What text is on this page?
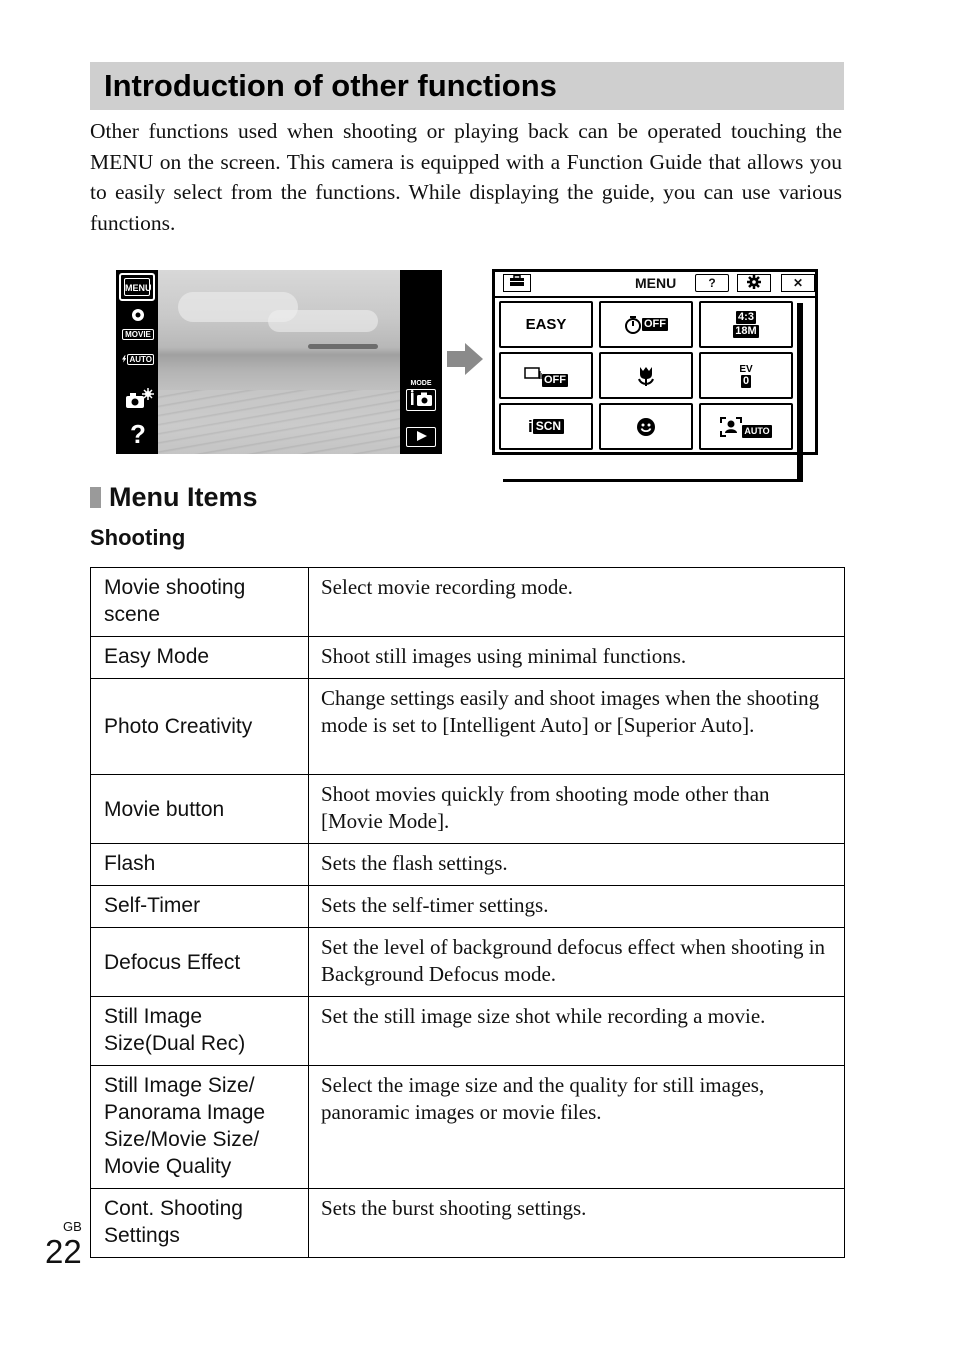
Introduction of other functions

Other functions used when shooting or playing back can be operated touching the MENU on the screen. This camera is equipped with a Function Guide that allows you to easily select from the functions. While displaying the guide, you can use various functions.

MENU
MOVIE
AUTO
?
MODE
MENU	?	✕
EASY	OFF
4:3
18M
OFF
EV
0
i SCN	AUTO
Menu Items
Shooting
Movie shooting scene	Select movie recording mode.
Easy Mode	Shoot still images using minimal functions.
Photo Creativity	Change settings easily and shoot images when the shooting mode is set to [Intelligent Auto] or [Superior Auto].
Movie button	Shoot movies quickly from shooting mode other than [Movie Mode].
Flash	Sets the flash settings.
Self-Timer	Sets the self-timer settings.
Defocus Effect	Set the level of background defocus effect when shooting in Background Defocus mode.
Still Image Size(Dual Rec)	Set the still image size shot while recording a movie.
Still Image Size/ Panorama Image Size/Movie Size/ Movie Quality	Select the image size and the quality for still images, panoramic images or movie files.
Cont. Shooting Settings	Sets the burst shooting settings.
GB
22
